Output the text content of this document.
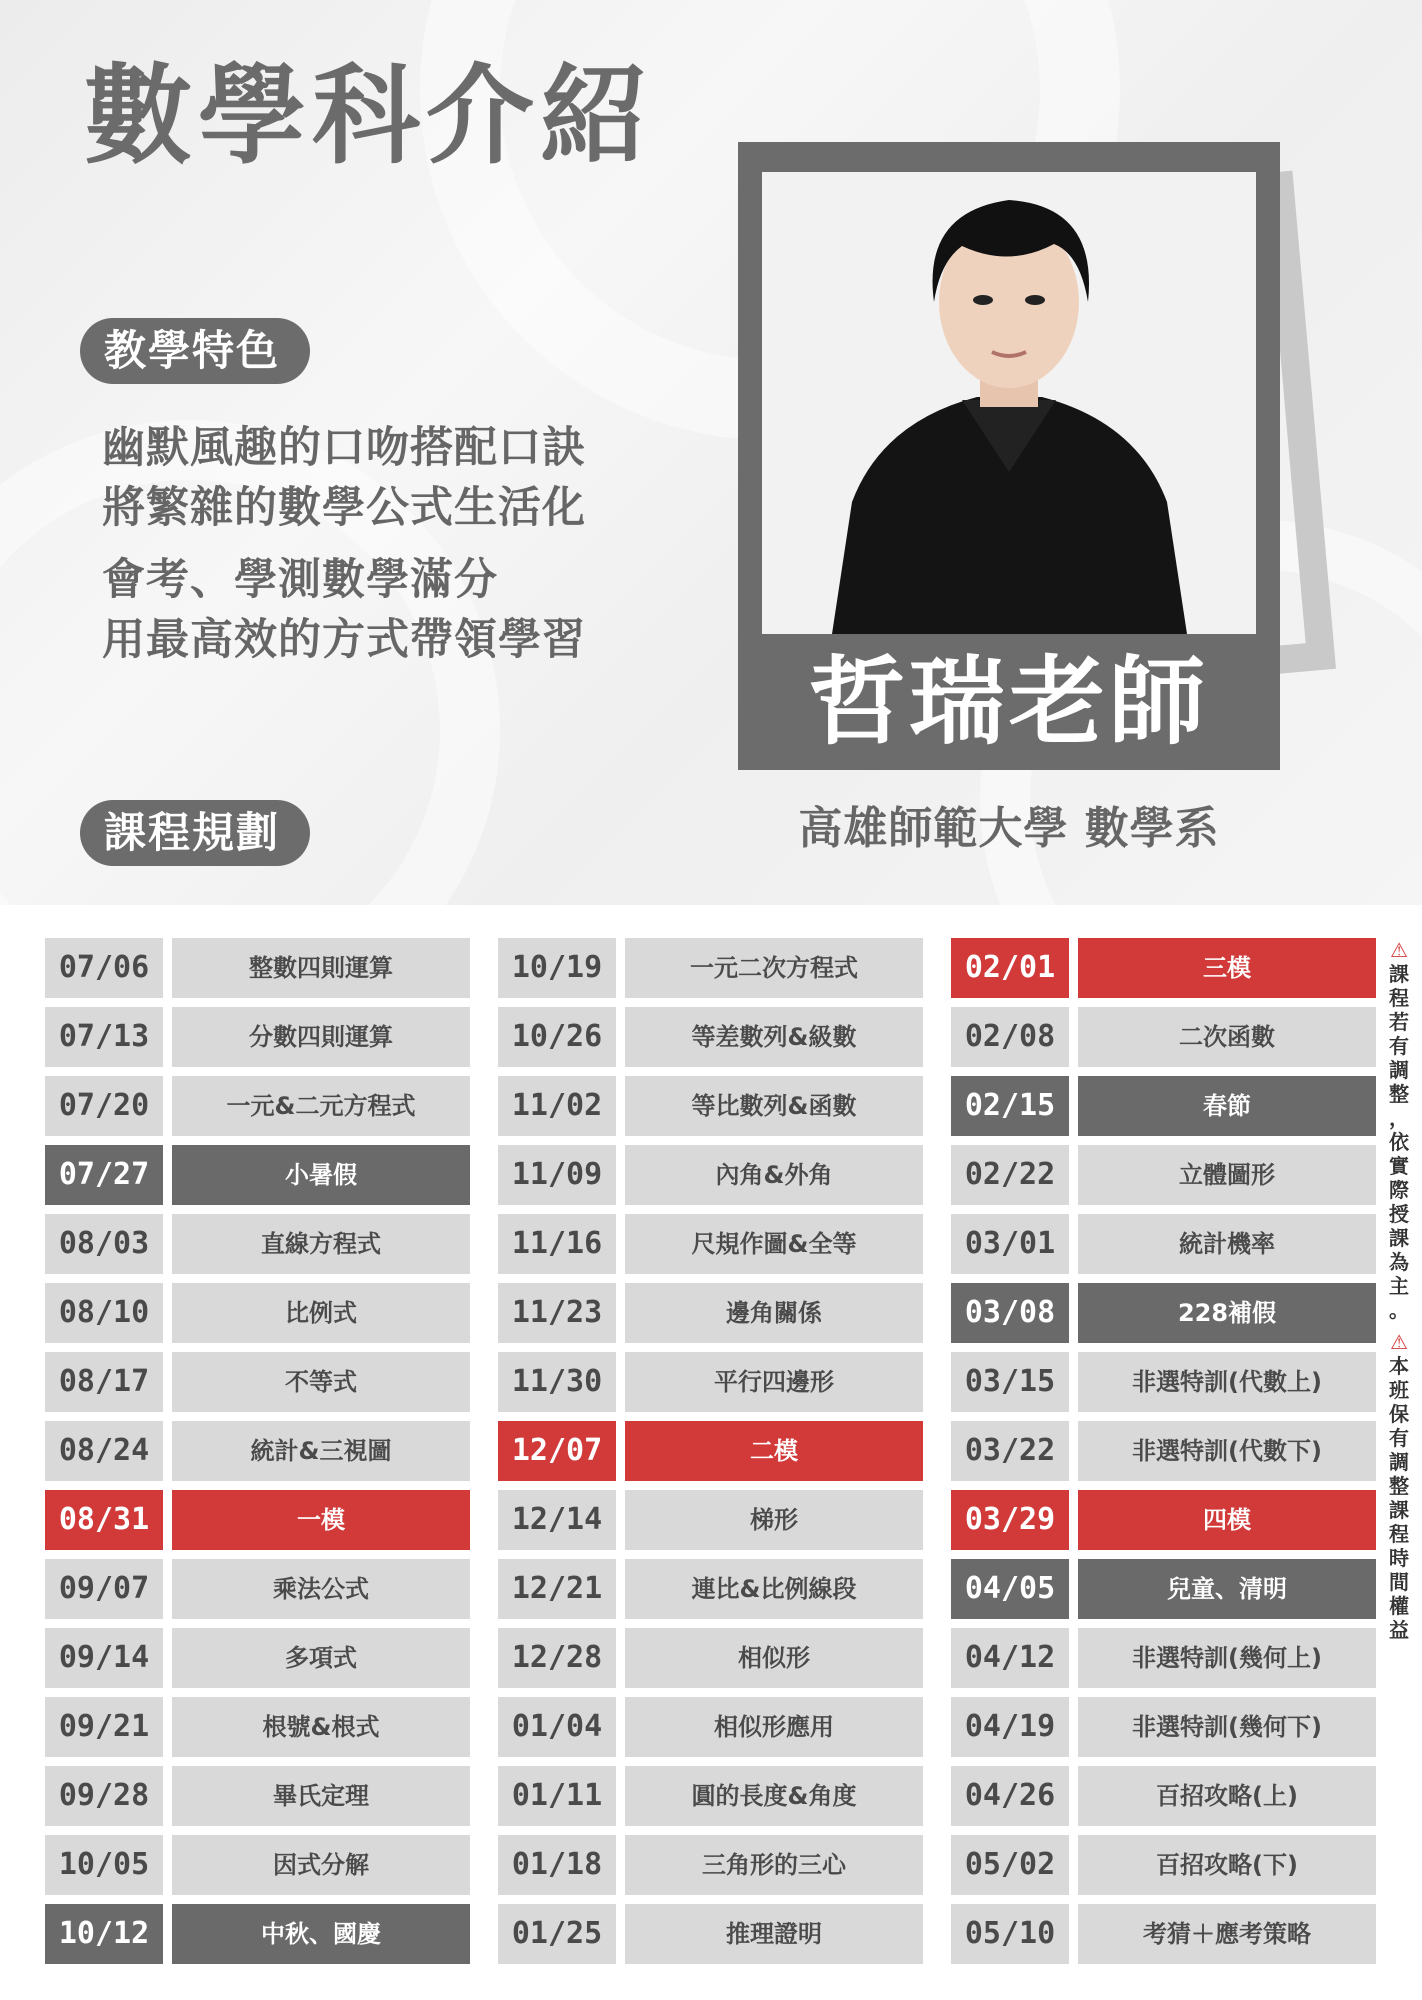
數學科介紹
教學特色
幽默風趣的口吻搭配口訣
將繁雜的數學公式生活化
會考、學測數學滿分
用最高效的方式帶領學習
課程規劃
哲瑞老師
高雄師範大學 數學系
07/06	整數四則運算
07/13	分數四則運算
07/20	一元&二元方程式
07/27	小暑假
08/03	直線方程式
08/10	比例式
08/17	不等式
08/24	統計&三視圖
08/31	一模
09/07	乘法公式
09/14	多項式
09/21	根號&根式
09/28	畢氏定理
10/05	因式分解
10/12	中秋、國慶
10/19	一元二次方程式
10/26	等差數列&級數
11/02	等比數列&函數
11/09	內角&外角
11/16	尺規作圖&全等
11/23	邊角關係
11/30	平行四邊形
12/07	二模
12/14	梯形
12/21	連比&比例線段
12/28	相似形
01/04	相似形應用
01/11	圓的長度&角度
01/18	三角形的三心
01/25	推理證明
02/01	三模
02/08	二次函數
02/15	春節
02/22	立體圖形
03/01	統計機率
03/08	228補假
03/15	非選特訓(代數上)
03/22	非選特訓(代數下)
03/29	四模
04/05	兒童、清明
04/12	非選特訓(幾何上)
04/19	非選特訓(幾何下)
04/26	百招攻略(上)
05/02	百招攻略(下)
05/10	考猜＋應考策略
⚠
課
程
若
有
調
整
，
依
實
際
授
課
為
主
。
⚠
本
班
保
有
調
整
課
程
時
間
權
益
